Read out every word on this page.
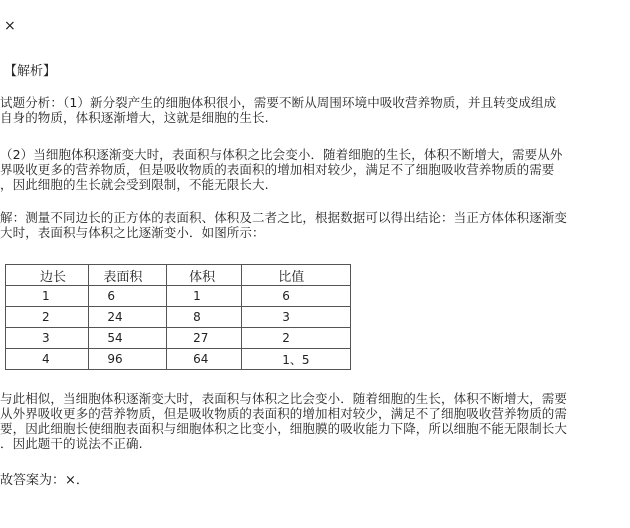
×
【解析】
试题分析：（1）新分裂产生的细胞体积很小，需要不断从周围环境中吸收营养物质，并且转变成组成
自身的物质，体积逐渐增大，这就是细胞的生长.
（2）当细胞体积逐渐变大时，表面积与体积之比会变小．随着细胞的生长，体积不断增大，需要从外
界吸收更多的营养物质，但是吸收物质的表面积的增加相对较少，满足不了细胞吸收营养物质的需要
，因此细胞的生长就会受到限制，不能无限长大.
解：测量不同边长的正方体的表面积、体积及二者之比，根据数据可以得出结论：当正方体体积逐渐变
大时，表面积与体积之比逐渐变小．如图所示：
边长	表面积	体积	比值
1	6	1	6
2	24	8	3
3	54	27	2
4	96	64	1、5
与此相似，当细胞体积逐渐变大时，表面积与体积之比会变小．随着细胞的生长，体积不断增大，需要
从外界吸收更多的营养物质，但是吸收物质的表面积的增加相对较少，满足不了细胞吸收营养物质的需
要，因此细胞长使细胞表面积与细胞体积之比变小，细胞膜的吸收能力下降，所以细胞不能无限制长大
．因此题干的说法不正确.
故答案为：×．
